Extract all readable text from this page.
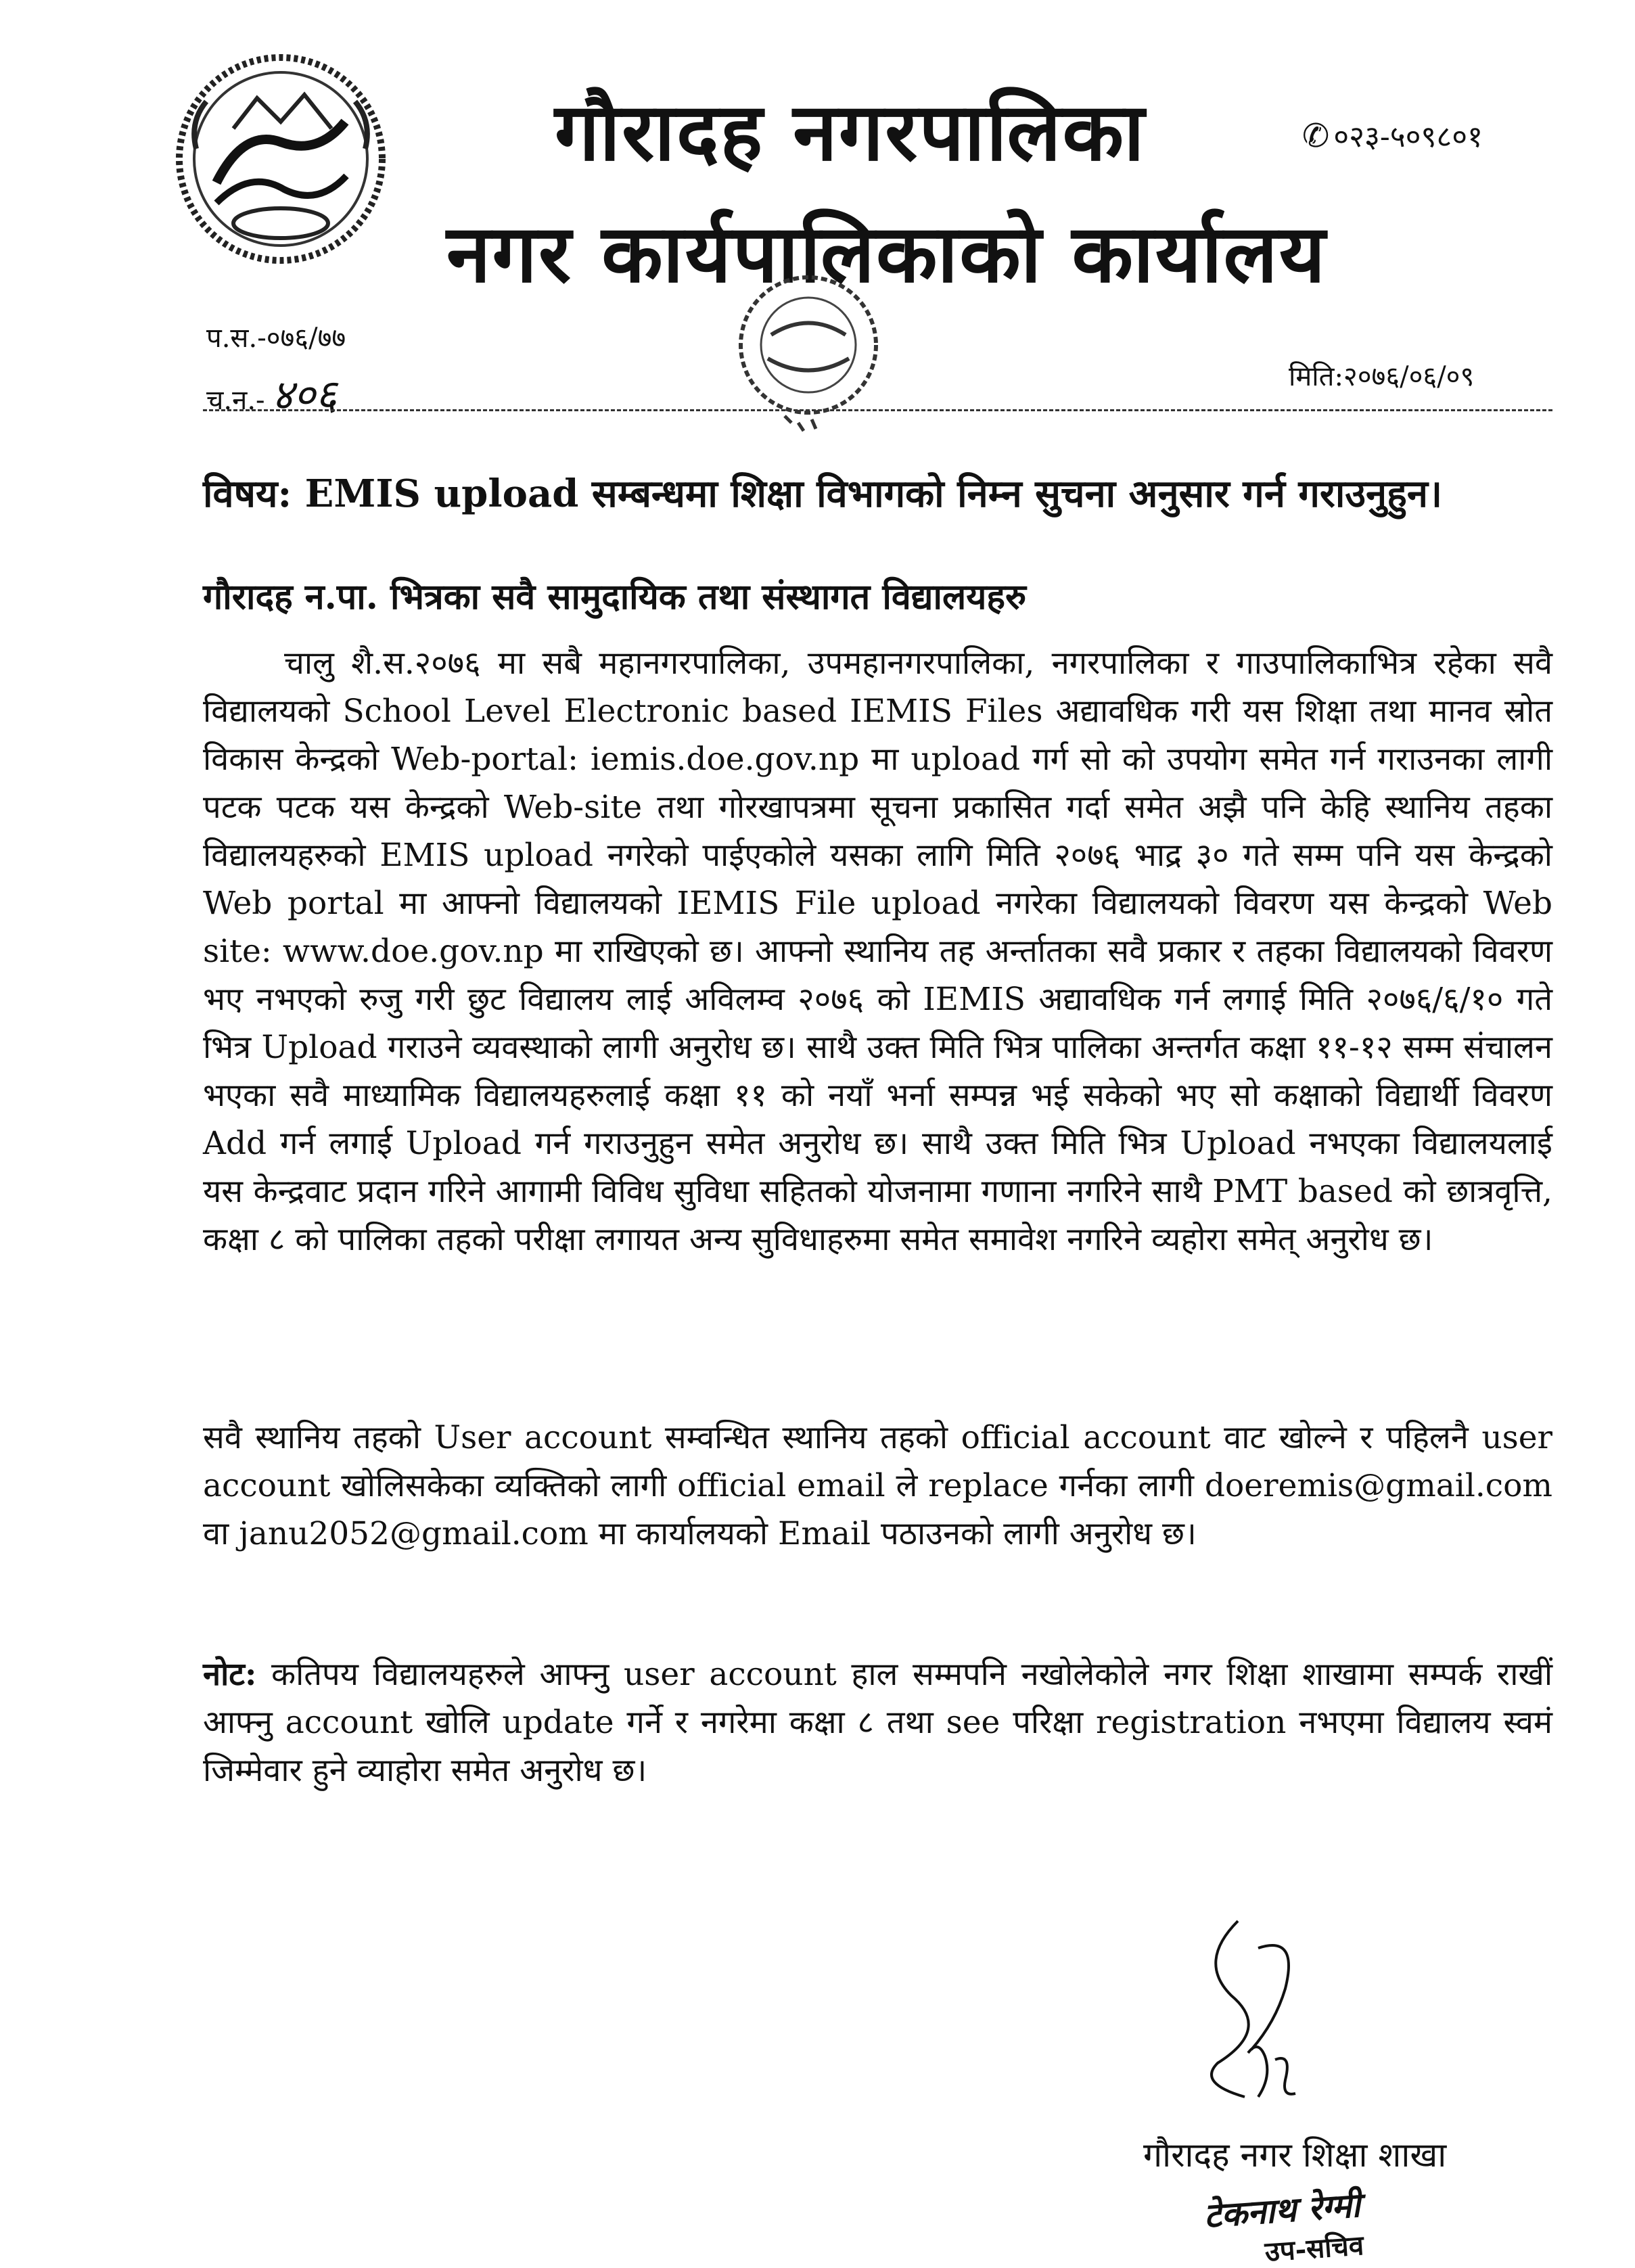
गौरादह नगरपालिका
नगर कार्यपालिकाको कार्यालय
✆ ०२३-५०९८०१
प.स.-०७६/७७
च.न.- ४०६	मिति:२०७६/०६/०९
विषय: EMIS upload सम्बन्धमा शिक्षा विभागको निम्न सुचना अनुसार गर्न गराउनुहुन।
गौरादह न.पा. भित्रका सवै सामुदायिक तथा संस्थागत विद्यालयहरु

चालु शै.स.२०७६ मा सबै महानगरपालिका, उपमहानगरपालिका, नगरपालिका र गाउपालिकाभित्र रहेका सवै विद्यालयको School Level Electronic based IEMIS Files अद्यावधिक गरी यस शिक्षा तथा मानव स्रोत विकास केन्द्रको Web-portal: iemis.doe.gov.np मा upload गर्ग सो को उपयोग समेत गर्न गराउनका लागी पटक पटक यस केन्द्रको Web-site तथा गोरखापत्रमा सूचना प्रकासित गर्दा समेत अझै पनि केहि स्थानिय तहका विद्यालयहरुको EMIS upload नगरेको पाईएकोले यसका लागि मिति २०७६ भाद्र ३० गते सम्म पनि यस केन्द्रको Web portal मा आफ्नो विद्यालयको IEMIS File upload नगरेका विद्यालयको विवरण यस केन्द्रको Web site: www.doe.gov.np मा राखिएको छ। आफ्नो स्थानिय तह अर्न्तातका सवै प्रकार र तहका विद्यालयको विवरण भए नभएको रुजु गरी छुट विद्यालय लाई अविलम्व २०७६ को IEMIS अद्यावधिक गर्न लगाई मिति २०७६/६/१० गते भित्र Upload गराउने व्यवस्थाको लागी अनुरोध छ। साथै उक्त मिति भित्र पालिका अन्तर्गत कक्षा ११-१२ सम्म संचालन भएका सवै माध्यामिक विद्यालयहरुलाई कक्षा ११ को नयाँ भर्ना सम्पन्न भई सकेको भए सो कक्षाको विद्यार्थी विवरण Add गर्न लगाई Upload गर्न गराउनुहुन समेत अनुरोध छ। साथै उक्त मिति भित्र Upload नभएका विद्यालयलाई यस केन्द्रवाट प्रदान गरिने आगामी विविध सुविधा सहितको योजनामा गणाना नगरिने साथै PMT based को छात्रवृत्ति, कक्षा ८ को पालिका तहको परीक्षा लगायत अन्य सुविधाहरुमा समेत समावेश नगरिने व्यहोरा समेत् अनुरोध छ।

सवै स्थानिय तहको User account सम्वन्धित स्थानिय तहको official account वाट खोल्ने र पहिलनै user account खोलिसकेका व्यक्तिको लागी official email ले replace गर्नका लागी doeremis@gmail.com वा janu2052@gmail.com मा कार्यालयको Email पठाउनको लागी अनुरोध छ।

नोट: कतिपय विद्यालयहरुले आफ्नु user account हाल सम्मपनि नखोलेकोले नगर शिक्षा शाखामा सम्पर्क राखीं आफ्नु account खोलि update गर्ने र नगरेमा कक्षा ८ तथा see परिक्षा registration नभएमा विद्यालय स्वमं जिम्मेवार हुने व्याहोरा समेत अनुरोध छ।

गौरादह नगर शिक्षा शाखा
टेकनाथ रेग्मी
उप-सचिव
